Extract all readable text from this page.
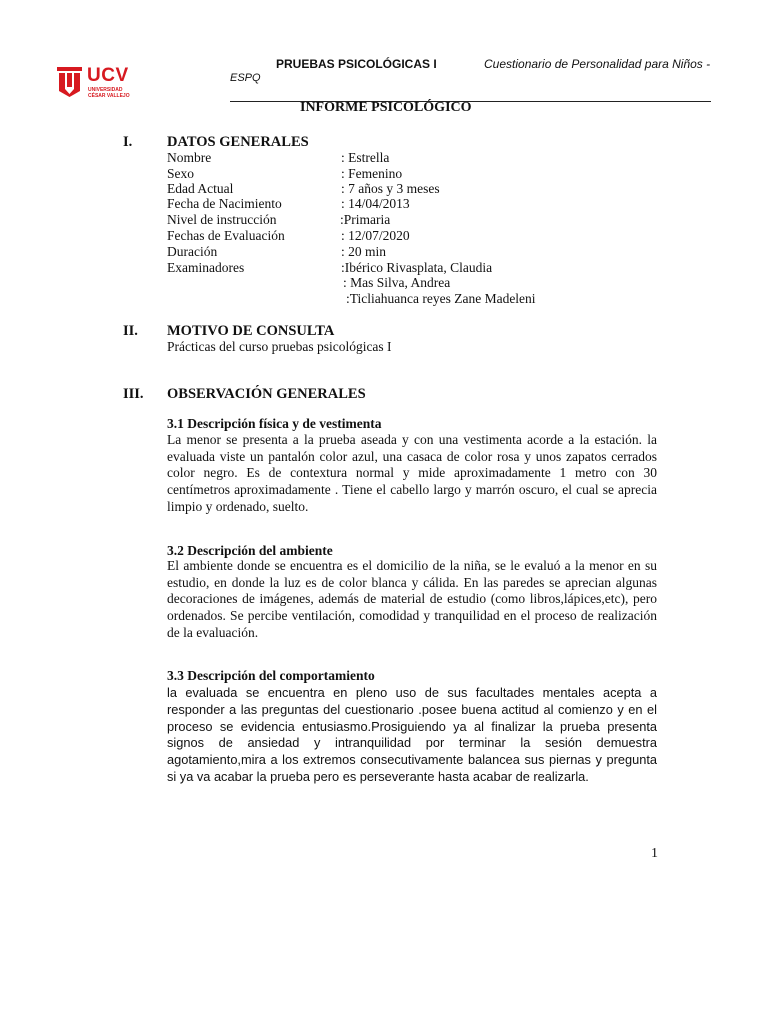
UCV
UNIVERSIDAD CÉSAR VALLEJO
PRUEBAS PSICOLÓGICAS I	Cuestionario de Personalidad para Niños -
ESPQ
INFORME PSICOLÓGICO
I. DATOS GENERALES
Nombre	: Estrella
Sexo	: Femenino
Edad Actual	: 7 años y 3 meses
Fecha de Nacimiento	: 14/04/2013
Nivel de instrucción	:Primaria
Fechas de Evaluación	: 12/07/2020
Duración	: 20 min
Examinadores	:Ibérico Rivasplata, Claudia
: Mas Silva, Andrea
:Ticliahuanca reyes Zane Madeleni
II. MOTIVO DE CONSULTA
Prácticas del curso pruebas psicológicas I
III. OBSERVACIÓN GENERALES
3.1 Descripción física y de vestimenta
La menor se presenta a la prueba aseada y con una vestimenta acorde a la estación. la evaluada viste un pantalón color azul, una casaca de color rosa y unos zapatos cerrados color negro. Es de contextura normal y mide aproximadamente 1 metro con 30 centímetros aproximadamente . Tiene el cabello largo y marrón oscuro, el cual se aprecia limpio y ordenado, suelto.
3.2 Descripción del ambiente
El ambiente donde se encuentra es el domicilio de la niña, se le evaluó a la menor en su estudio, en donde la luz es de color blanca y cálida. En las paredes se aprecian algunas decoraciones de imágenes, además de material de estudio (como libros,lápices,etc), pero ordenados. Se percibe ventilación, comodidad y tranquilidad en el proceso de realización de la evaluación.
3.3 Descripción del comportamiento
la evaluada se encuentra en pleno uso de sus facultades mentales acepta a responder a las preguntas del cuestionario .posee buena actitud al comienzo y en el proceso se evidencia entusiasmo.Prosiguiendo ya al finalizar la prueba presenta signos de ansiedad y intranquilidad por terminar la sesión demuestra agotamiento,mira a los extremos consecutivamente balancea sus piernas y pregunta si ya va acabar la prueba pero es perseverante hasta acabar de realizarla.
1
